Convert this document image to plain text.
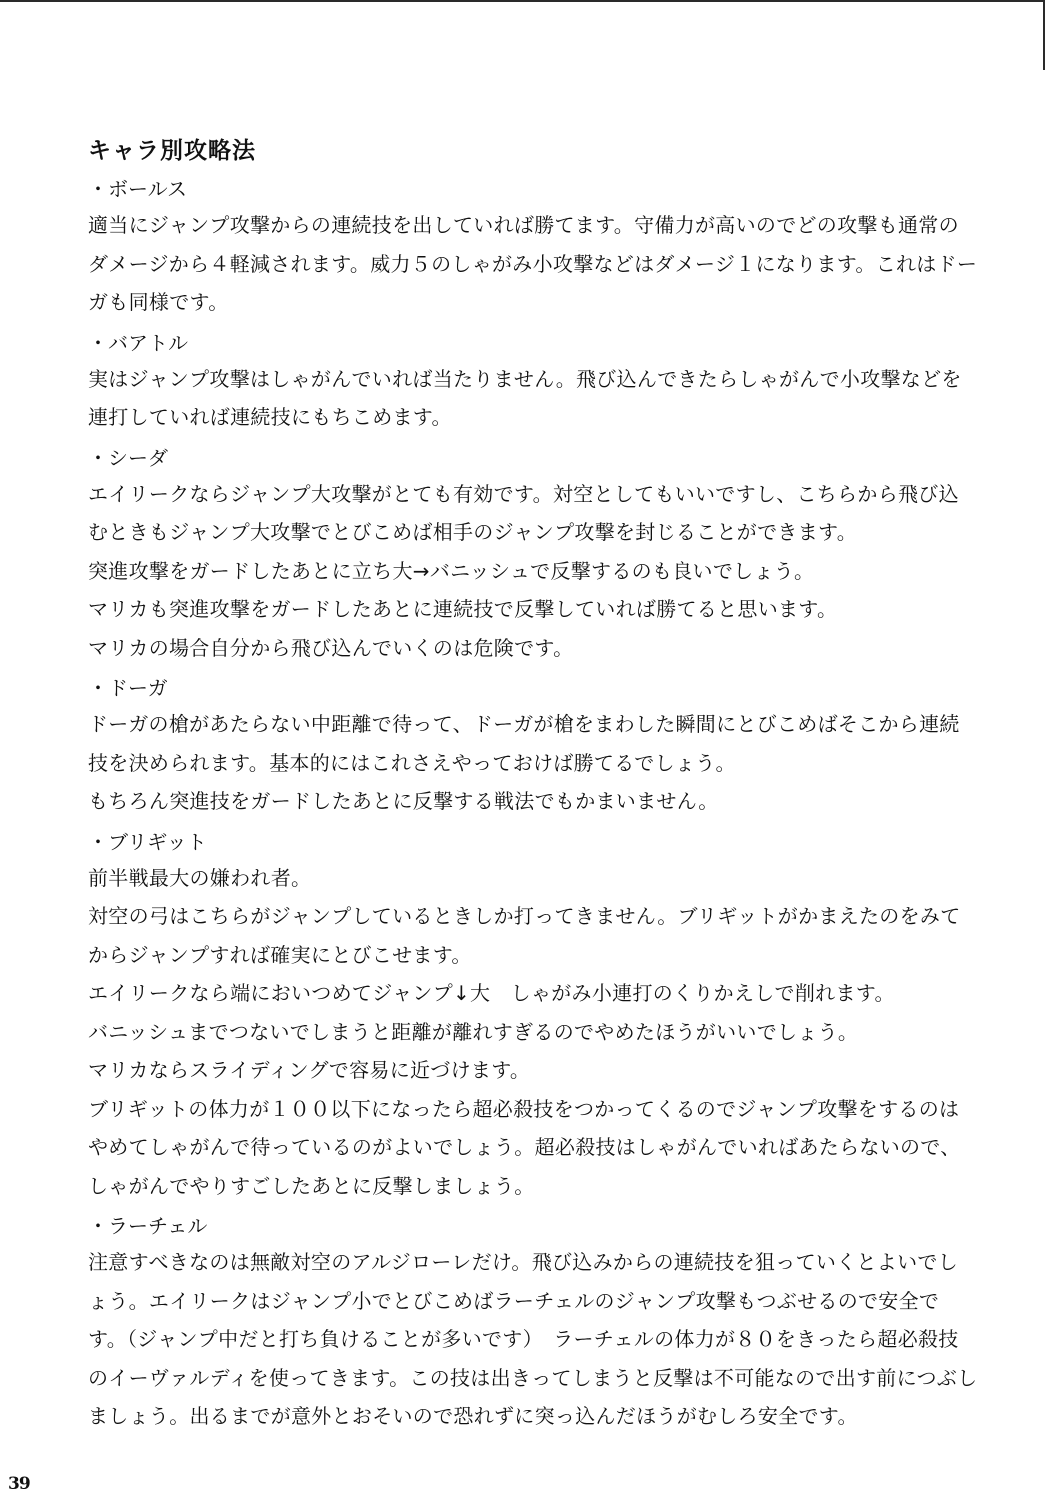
キャラ別攻略法
・ボールス

適当にジャンプ攻撃からの連続技を出していれば勝てます。守備力が高いのでどの攻撃も通常のダメージから４軽減されます。威力５のしゃがみ小攻撃などはダメージ１になります。これはドーガも同様です。

・バアトル

実はジャンプ攻撃はしゃがんでいれば当たりません。飛び込んできたらしゃがんで小攻撃などを連打していれば連続技にもちこめます。

・シーダ

エイリークならジャンプ大攻撃がとても有効です。対空としてもいいですし、こちらから飛び込むときもジャンプ大攻撃でとびこめば相手のジャンプ攻撃を封じることができます。

突進攻撃をガードしたあとに立ち大→バニッシュで反撃するのも良いでしょう。

マリカも突進攻撃をガードしたあとに連続技で反撃していれば勝てると思います。

マリカの場合自分から飛び込んでいくのは危険です。

・ドーガ

ドーガの槍があたらない中距離で待って、ドーガが槍をまわした瞬間にとびこめばそこから連続技を決められます。基本的にはこれさえやっておけば勝てるでしょう。

もちろん突進技をガードしたあとに反撃する戦法でもかまいません。

・ブリギット

前半戦最大の嫌われ者。

対空の弓はこちらがジャンプしているときしか打ってきません。ブリギットがかまえたのをみてからジャンプすれば確実にとびこせます。

エイリークなら端においつめてジャンプ↓大　しゃがみ小連打のくりかえしで削れます。

バニッシュまでつないでしまうと距離が離れすぎるのでやめたほうがいいでしょう。

マリカならスライディングで容易に近づけます。

ブリギットの体力が１００以下になったら超必殺技をつかってくるのでジャンプ攻撃をするのはやめてしゃがんで待っているのがよいでしょう。超必殺技はしゃがんでいればあたらないので、しゃがんでやりすごしたあとに反撃しましょう。

・ラーチェル

注意すべきなのは無敵対空のアルジローレだけ。飛び込みからの連続技を狙っていくとよいでしょう。エイリークはジャンプ小でとびこめばラーチェルのジャンプ攻撃もつぶせるので安全です。（ジャンプ中だと打ち負けることが多いです）　ラーチェルの体力が８０をきったら超必殺技のイーヴァルディを使ってきます。この技は出きってしまうと反撃は不可能なので出す前につぶしましょう。出るまでが意外とおそいので恐れずに突っ込んだほうがむしろ安全です。

39
